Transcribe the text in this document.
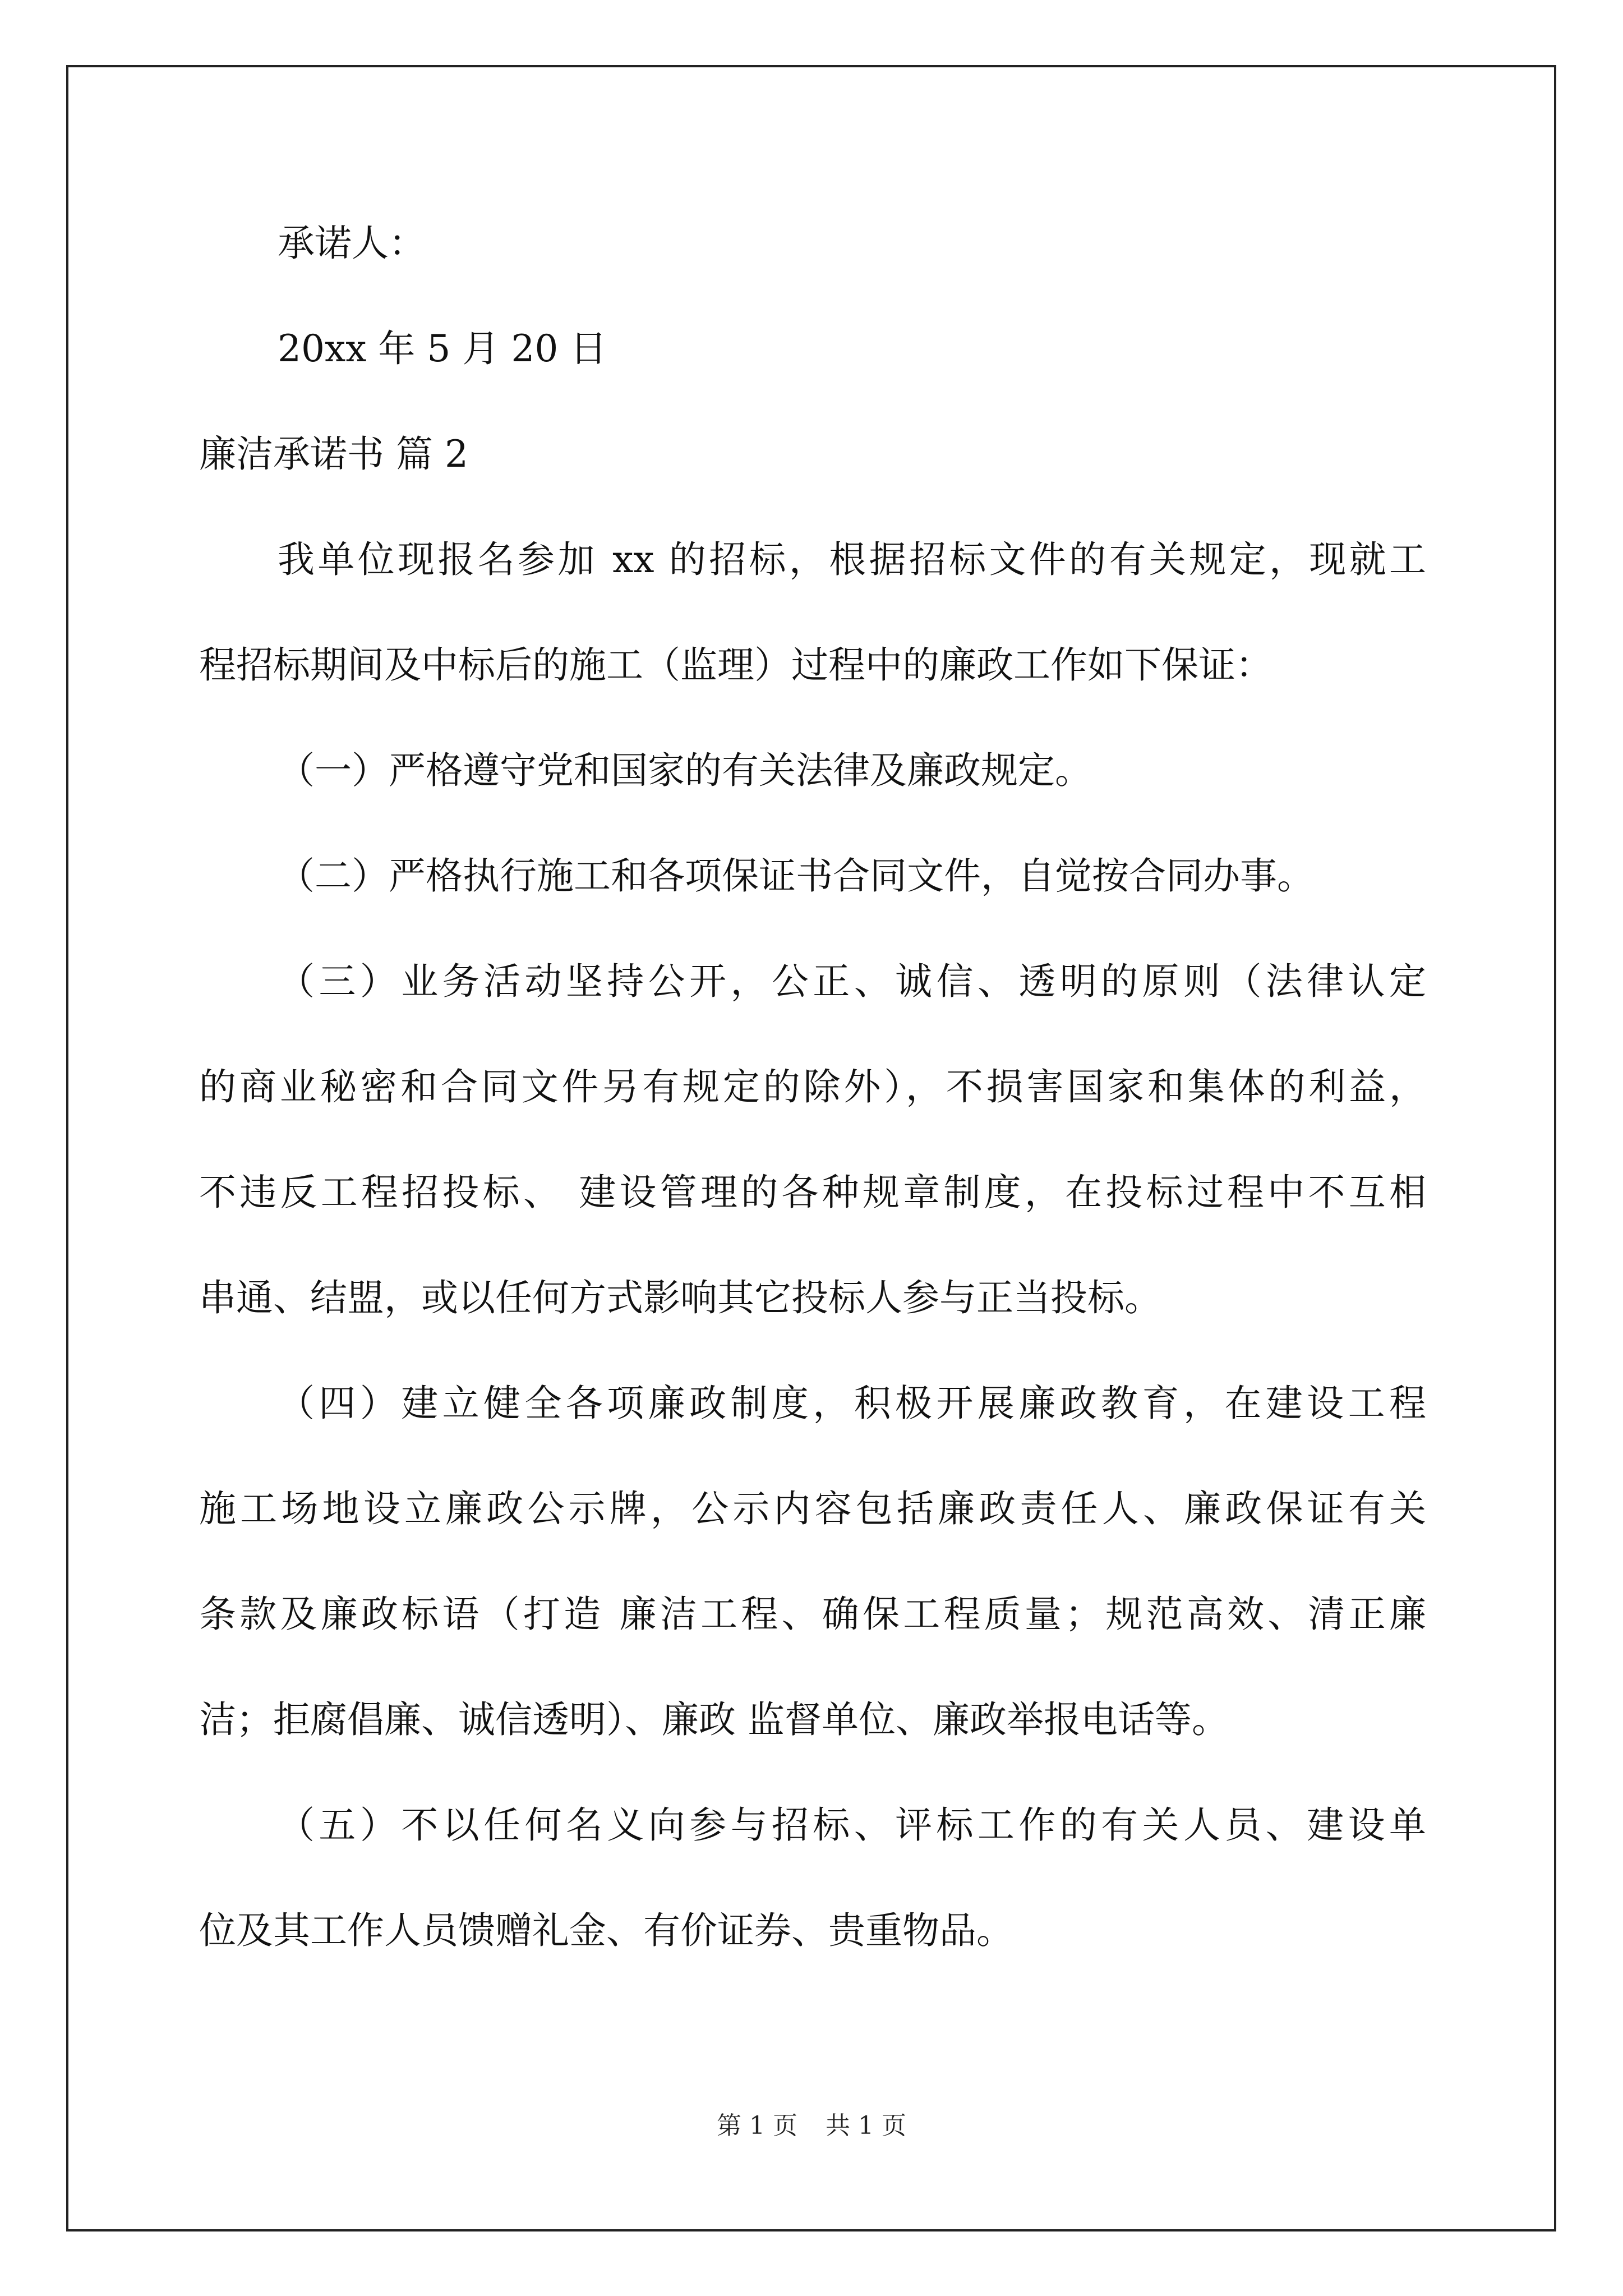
承诺人：
20xx 年 5 月 20 日
廉洁承诺书 篇 2
我单位现报名参加 xx 的招标，根据招标文件的有关规定，现就工
程招标期间及中标后的施工（监理）过程中的廉政工作如下保证：
（一）严格遵守党和国家的有关法律及廉政规定。
（二）严格执行施工和各项保证书合同文件，自觉按合同办事。
（三）业务活动坚持公开，公正、诚信、透明的原则（法律认定
的商业秘密和合同文件另有规定的除外），不损害国家和集体的利益，
不违反工程招投标、 建设管理的各种规章制度，在投标过程中不互相
串通、结盟，或以任何方式影响其它投标人参与正当投标。
（四）建立健全各项廉政制度，积极开展廉政教育，在建设工程
施工场地设立廉政公示牌，公示内容包括廉政责任人、廉政保证有关
条款及廉政标语（打造 廉洁工程、确保工程质量；规范高效、清正廉
洁；拒腐倡廉、诚信透明）、廉政 监督单位、廉政举报电话等。
（五）不以任何名义向参与招标、评标工作的有关人员、建设单
位及其工作人员馈赠礼金、有价证券、贵重物品。
第 1 页 共 1 页
